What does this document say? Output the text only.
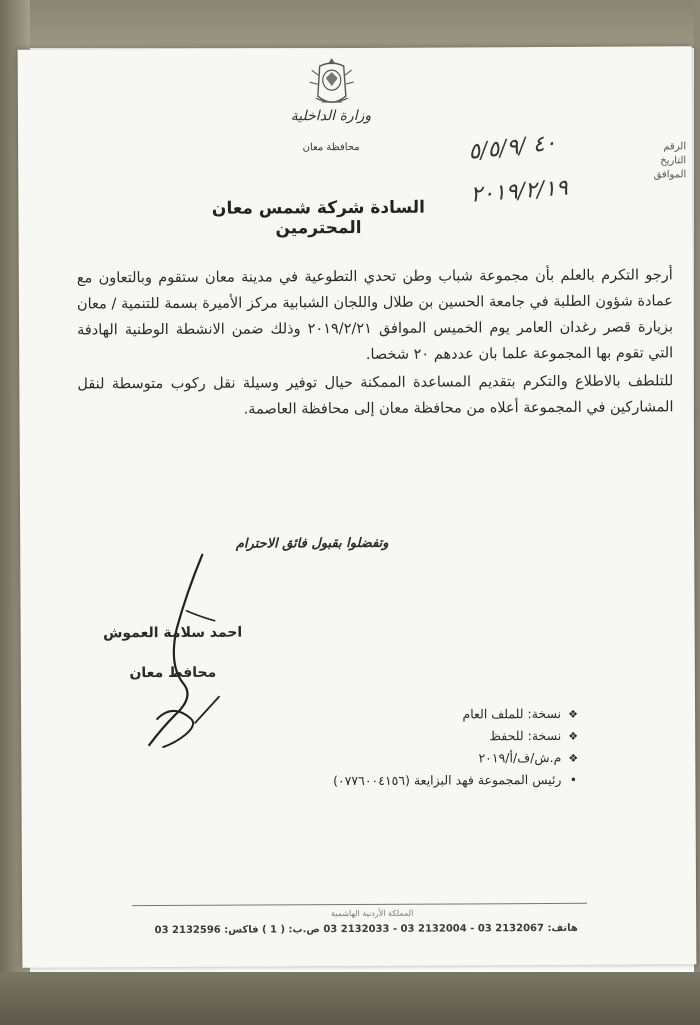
وزارة الداخلية
محافظة معان	الرقم
التاريخ
الموافق
٤٠ /٥/٥/٩
٢٠١٩/٢/١٩
السادة شركة شمس معان المحترمين

أرجو التكرم بالعلم بأن مجموعة شباب وطن تحدي التطوعية في مدينة معان ستقوم وبالتعاون مع عمادة شؤون الطلبة في جامعة الحسين بن طلال واللجان الشبابية مركز الأميرة بسمة للتنمية / معان بزيارة قصر رغدان العامر يوم الخميس الموافق ٢٠١٩/٢/٢١ وذلك ضمن الانشطة الوطنية الهادفة التي تقوم بها المجموعة علما بان عددهم ٢٠ شخصا.

للتلطف بالاطلاع والتكرم بتقديم المساعدة الممكنة حيال توفير وسيلة نقل ركوب متوسطة لنقل المشاركين في المجموعة أعلاه من محافظة معان إلى محافظة العاصمة.

وتفضلوا بقبول فائق الاحترام
احمد سلامة العموش
محافظ معان
❖ نسخة: للملف العام
❖ نسخة: للحفظ
❖ م.ش/ف/أ/٢٠١٩
• رئيس المجموعة فهد البزايعة (٠٧٧٦٠٠٤١٥٦)
المملكة الأردنية الهاشمية
هاتف: 2132067 03 - 2132004 03 - 2132033 03 ص.ب: ( 1 ) فاكس: 2132596 03
